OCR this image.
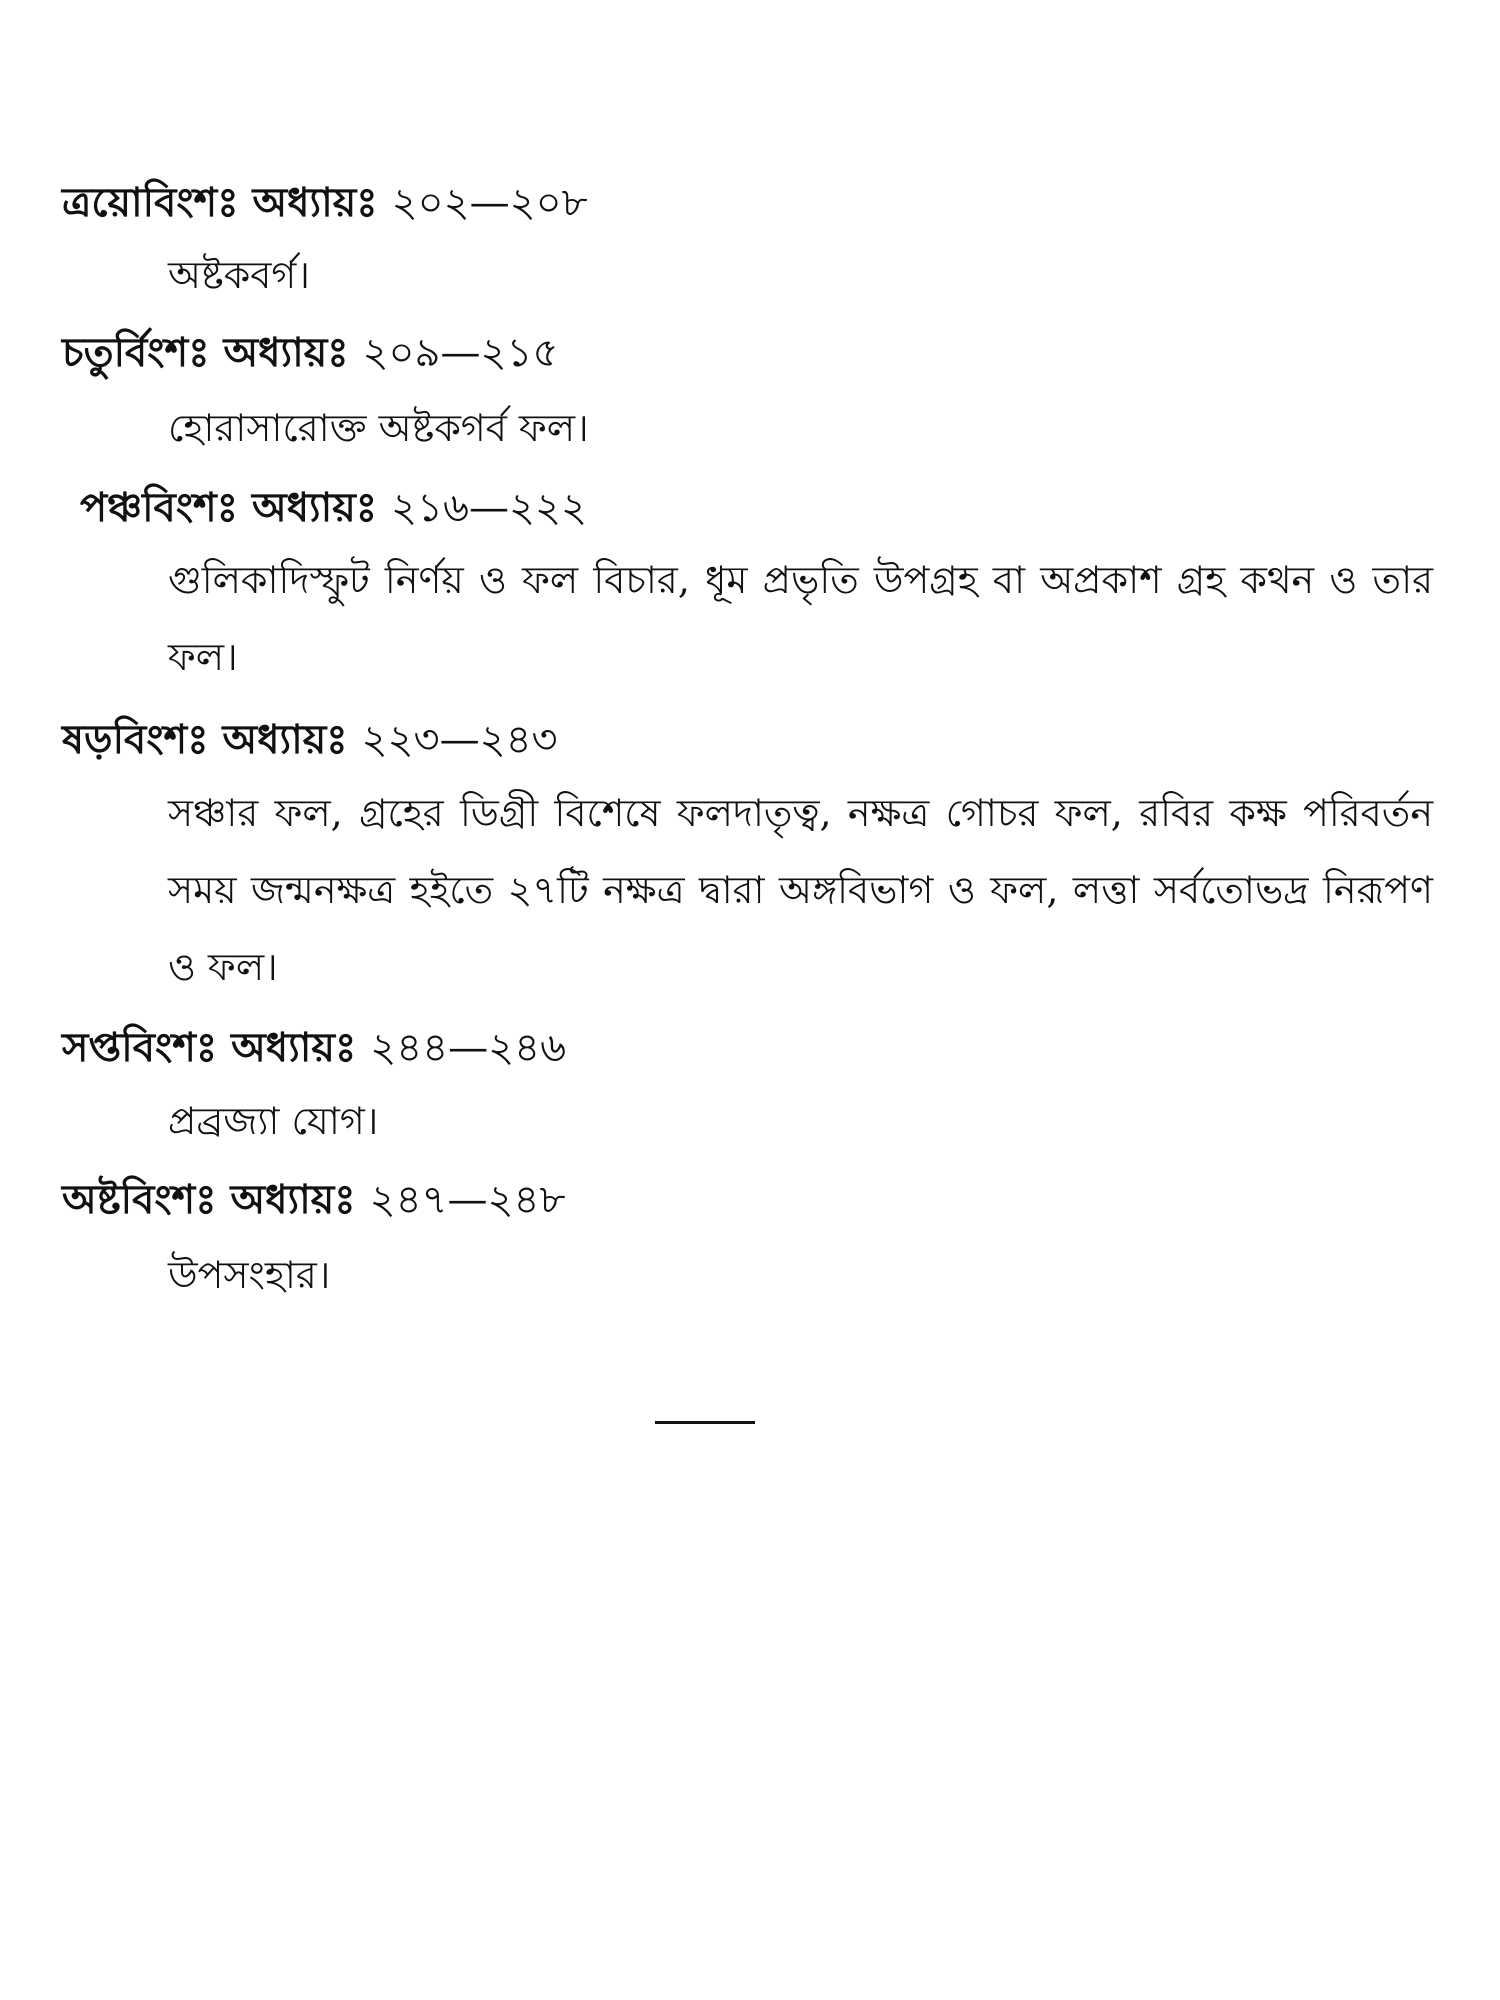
ত্রয়োবিংশঃ অধ্যায়ঃ ২০২—২০৮
অষ্টকবর্গ।
চতুর্বিংশঃ অধ্যায়ঃ ২০৯—২১৫
হোরাসারোক্ত অষ্টকগর্ব ফল।
পঞ্চবিংশঃ অধ্যায়ঃ ২১৬—২২২
গুলিকাদিস্ফুট নির্ণয় ও ফল বিচার, ধূম প্রভৃতি উপগ্রহ বা অপ্রকাশ গ্রহ কথন ও তার ফল।
ষড়বিংশঃ অধ্যায়ঃ ২২৩—২৪৩
সঞ্চার ফল, গ্রহের ডিগ্রী বিশেষে ফলদাতৃত্ব, নক্ষত্র গোচর ফল, রবির কক্ষ পরিবর্তন সময় জন্মনক্ষত্র হইতে ২৭টি নক্ষত্র দ্বারা অঙ্গবিভাগ ও ফল, লত্তা সর্বতোভদ্র নিরূপণ ও ফল।
সপ্তবিংশঃ অধ্যায়ঃ ২৪৪—২৪৬
প্রব্রজ্যা যোগ।
অষ্টবিংশঃ অধ্যায়ঃ ২৪৭—২৪৮
উপসংহার।
